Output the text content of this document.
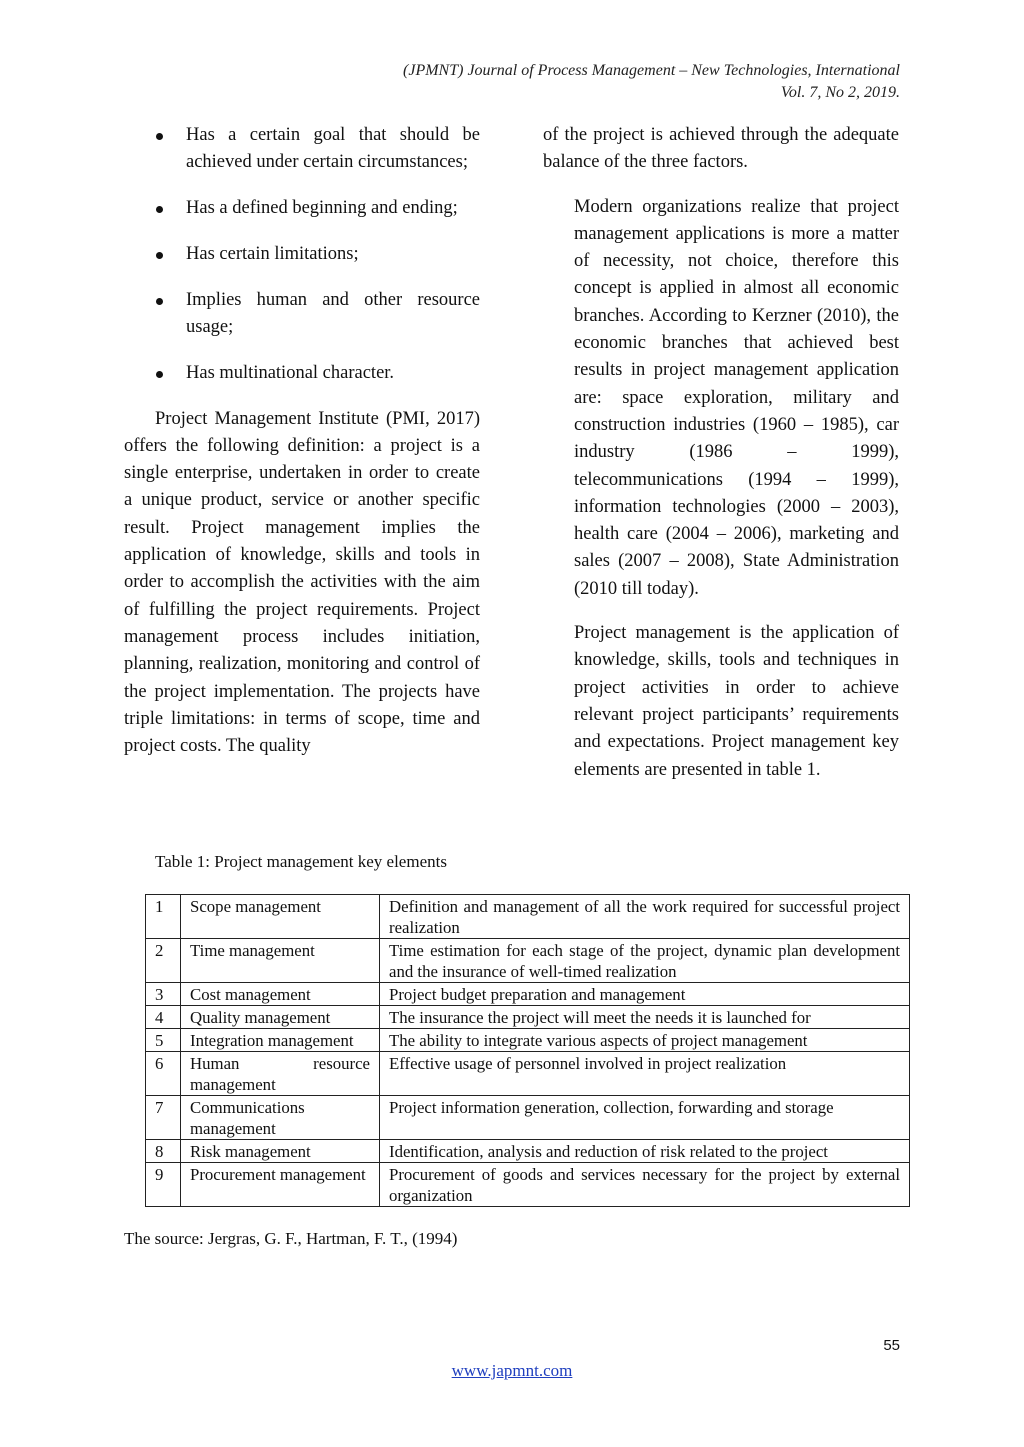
(JPMNT) Journal of Process Management – New Technologies, International
Vol. 7, No 2, 2019.
Has a certain goal that should be achieved under certain circumstances;
Has a defined beginning and ending;
Has certain limitations;
Implies human and other resource usage;
Has multinational character.

Project Management Institute (PMI, 2017) offers the following definition: a project is a single enterprise, undertaken in order to create a unique product, service or another specific result. Project management implies the application of knowledge, skills and tools in order to accomplish the activities with the aim of fulfilling the project requirements. Project management process includes initiation, planning, realization, monitoring and control of the project implementation. The projects have triple limitations: in terms of scope, time and project costs. The quality

of the project is achieved through the adequate balance of the three factors.

Modern organizations realize that project management applications is more a matter of necessity, not choice, therefore this concept is applied in almost all economic branches. According to Kerzner (2010), the economic branches that achieved best results in project management application are: space exploration, military and construction industries (1960 – 1985), car industry (1986 – 1999), telecommunications (1994 – 1999), information technologies (2000 – 2003), health care (2004 – 2006), marketing and sales (2007 – 2008), State Administration (2010 till today).

Project management is the application of knowledge, skills, tools and techniques in project activities in order to achieve relevant project participants’ requirements and expectations. Project management key elements are presented in table 1.

Table 1: Project management key elements
1	Scope management	Definition and management of all the work required for successful project realization
2	Time management	Time estimation for each stage of the project, dynamic plan development and the insurance of well-timed realization
3	Cost management	Project budget preparation and management
4	Quality management	The insurance the project will meet the needs it is launched for
5	Integration management	The ability to integrate various aspects of project management
6	Human resource management	Effective usage of personnel involved in project realization
7	Communications management	Project information generation, collection, forwarding and storage
8	Risk management	Identification, analysis and reduction of risk related to the project
9	Procurement management	Procurement of goods and services necessary for the project by external organization
The source: Jergras, G. F., Hartman, F. T., (1994)
55
www.japmnt.com
